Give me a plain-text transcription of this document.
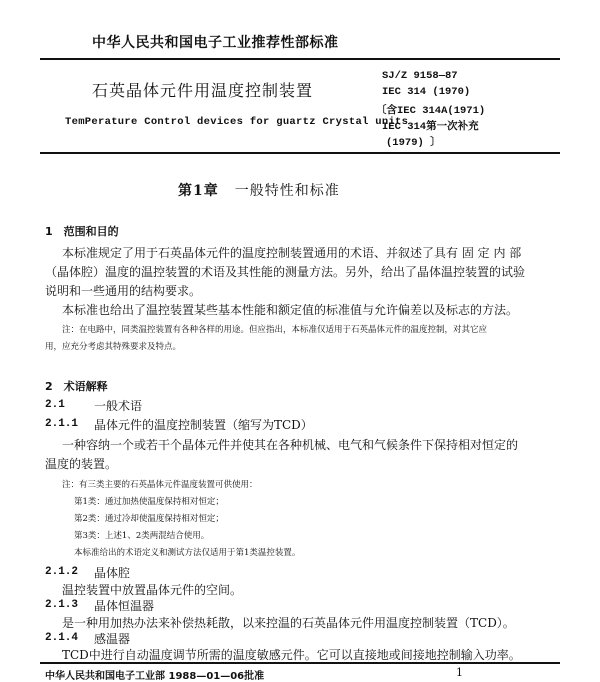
中华人民共和国电子工业推荐性部标准
石英晶体元件用温度控制装置
TemPerature Control devices for guartz Crystal units
SJ/Z 9158—87
IEC 314 (1970)
〔含IEC 314A(1971)
IEC 314第一次补充
(1979) 〕
第1章 一般特性和标准
1　范围和目的
本标准规定了用于石英晶体元件的温度控制装置通用的术语、并叙述了具有 固 定 内 部
（晶体腔）温度的温控装置的术语及其性能的测量方法。另外，给出了晶体温控装置的试验
说明和一些通用的结构要求。
本标准也给出了温控装置某些基本性能和额定值的标准值与允许偏差以及标志的方法。
注：在电路中，同类温控装置有各种各样的用途。但应指出，本标准仅适用于石英晶体元件的温度控制，对其它应
用，应充分考虑其特殊要求及特点。
2　术语解释
2.1 一般术语
2.1.1 晶体元件的温度控制装置（缩写为TCD）
一种容纳一个或若干个晶体元件并使其在各种机械、电气和气候条件下保持相对恒定的
温度的装置。
注：有三类主要的石英晶体元件温度装置可供使用：
第1类：通过加热使温度保持相对恒定；
第2类：通过冷却使温度保持相对恒定；
第3类：上述1、2类两混结合使用。
本标准给出的术语定义和测试方法仅适用于第1类温控装置。
2.1.2 晶体腔
温控装置中放置晶体元件的空间。
2.1.3 晶体恒温器
是一种用加热办法来补偿热耗散，以来控温的石英晶体元件用温度控制装置（TCD）。
2.1.4 感温器
TCD中进行自动温度调节所需的温度敏感元件。它可以直接地或间接地控制输入功率。
中华人民共和国电子工业部 1988—01—06批准	1
